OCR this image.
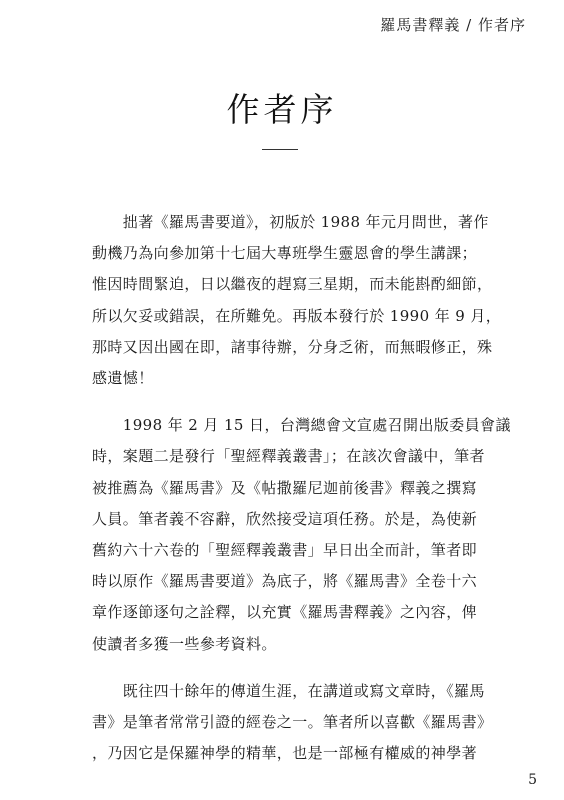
羅馬書釋義 / 作者序
作者序

　　拙著《羅馬書要道》，初版於 1988 年元月問世，著作
動機乃為向參加第十七屆大專班學生靈恩會的學生講課；
惟因時間緊迫，日以繼夜的趕寫三星期，而未能斟酌細節，
所以欠妥或錯誤，在所難免。再版本發行於 1990 年 9 月，
那時又因出國在即，諸事待辦，分身乏術，而無暇修正，殊
感遺憾！

　　1998 年 2 月 15 日，台灣總會文宣處召開出版委員會議
時，案題二是發行「聖經釋義叢書」；在該次會議中，筆者
被推薦為《羅馬書》及《帖撒羅尼迦前後書》釋義之撰寫
人員。筆者義不容辭，欣然接受這項任務。於是，為使新
舊約六十六卷的「聖經釋義叢書」早日出全而計，筆者即
時以原作《羅馬書要道》為底子，將《羅馬書》全卷十六
章作逐節逐句之詮釋，以充實《羅馬書釋義》之內容，俾
使讀者多獲一些參考資料。

　　既往四十餘年的傳道生涯，在講道或寫文章時，《羅馬
書》是筆者常常引證的經卷之一。筆者所以喜歡《羅馬書》
，乃因它是保羅神學的精華，也是一部極有權威的神學著

5
